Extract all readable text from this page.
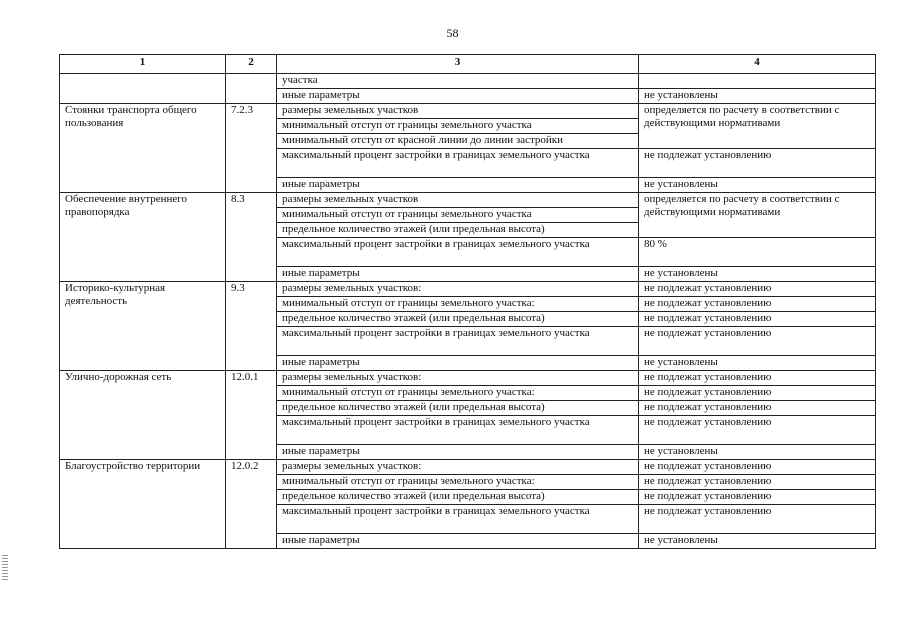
58
1	2	3	4
		участка	
		иные параметры	не установлены
Стоянки транспорта общего пользования	7.2.3	размеры земельных участков	определяется по расчету в соответствии с действующими нормативами
		минимальный отступ от границы земельного участка	
		минимальный отступ от красной линии до линии застройки	
		максимальный процент застройки в границах земельного участка	не подлежат установлению
		иные параметры	не установлены
Обеспечение внутреннего правопорядка	8.3	размеры земельных участков	определяется по расчету в соответствии с действующими нормативами
		минимальный отступ от границы земельного участка	
		предельное количество этажей (или предельная высота)	
		максимальный процент застройки в границах земельного участка	80 %
		иные параметры	не установлены
Историко-культурная деятельность	9.3	размеры земельных участков:	не подлежат установлению
		минимальный отступ от границы земельного участка:	не подлежат установлению
		предельное количество этажей (или предельная высота)	не подлежат установлению
		максимальный процент застройки в границах земельного участка	не подлежат установлению
		иные параметры	не установлены
Улично-дорожная сеть	12.0.1	размеры земельных участков:	не подлежат установлению
		минимальный отступ от границы земельного участка:	не подлежат установлению
		предельное количество этажей (или предельная высота)	не подлежат установлению
		максимальный процент застройки в границах земельного участка	не подлежат установлению
		иные параметры	не установлены
Благоустройство территории	12.0.2	размеры земельных участков:	не подлежат установлению
		минимальный отступ от границы земельного участка:	не подлежат установлению
		предельное количество этажей (или предельная высота)	не подлежат установлению
		максимальный процент застройки в границах земельного участка	не подлежат установлению
		иные параметры	не установлены
